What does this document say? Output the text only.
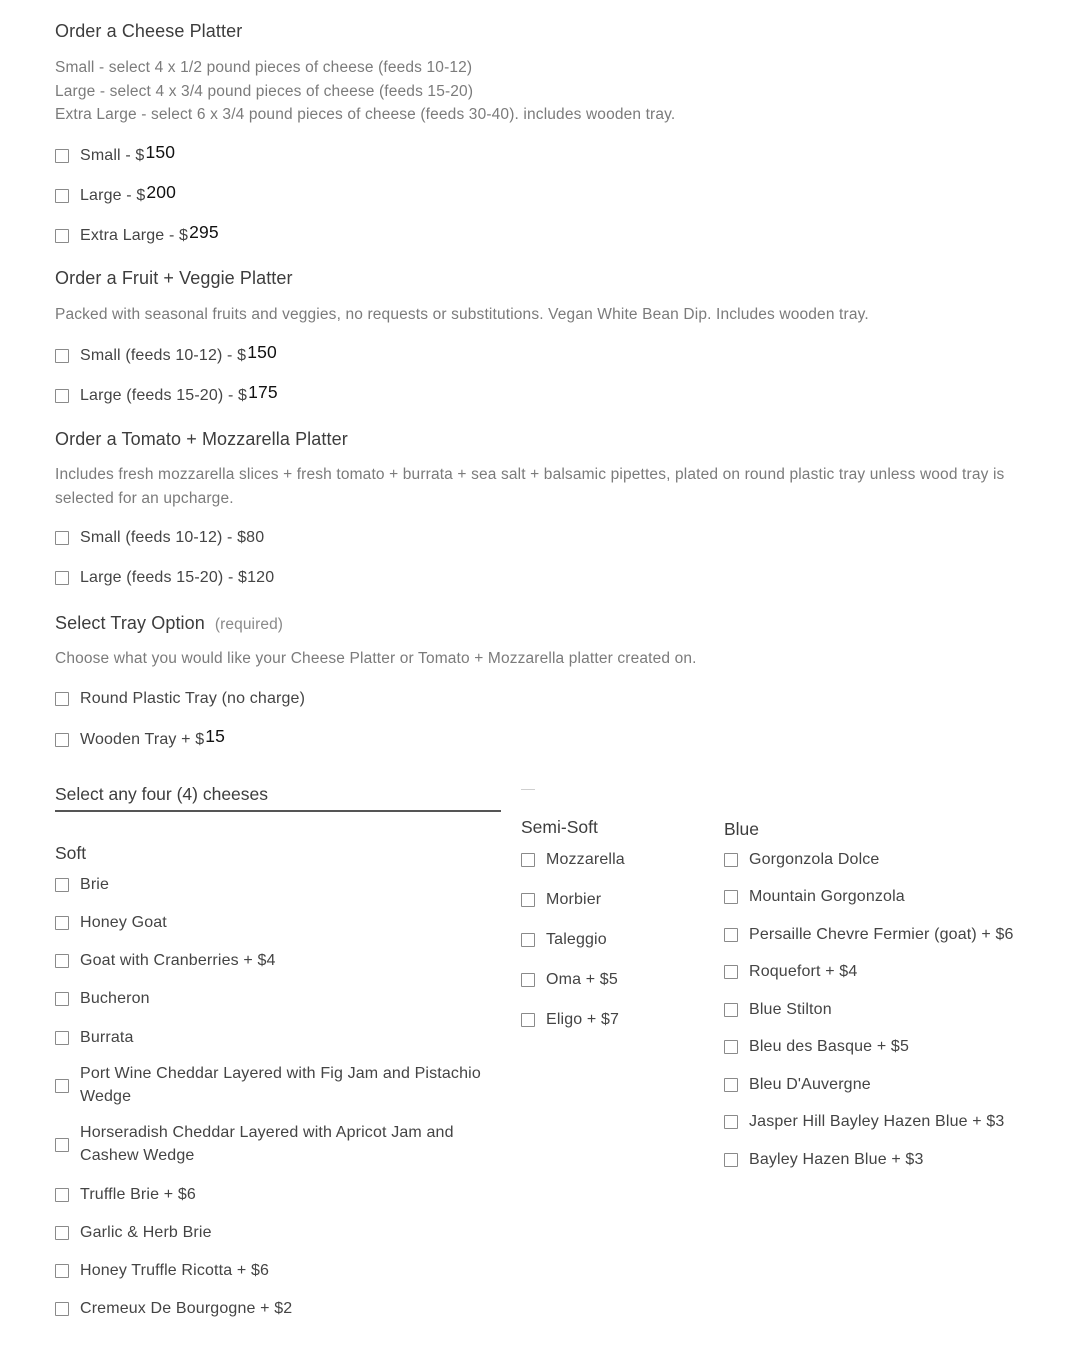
Order a Cheese Platter
Small - select 4 x 1/2 pound pieces of cheese (feeds 10-12)
Large - select 4 x 3/4 pound pieces of cheese (feeds 15-20)
Extra Large - select 6 x 3/4 pound pieces of cheese (feeds 30-40). includes wooden tray.
Small - $ 150
Large - $ 200
Extra Large - $ 295
Order a Fruit + Veggie Platter
Packed with seasonal fruits and veggies, no requests or substitutions. Vegan White Bean Dip. Includes wooden tray.
Small (feeds 10-12) - $ 150
Large (feeds 15-20) - $ 175
Order a Tomato + Mozzarella Platter
Includes fresh mozzarella slices + fresh tomato + burrata + sea salt + balsamic pipettes, plated on round plastic tray unless wood tray is selected for an upcharge.
Small (feeds 10-12) - $80
Large (feeds 15-20) - $120
Select Tray Option (required)
Choose what you would like your Cheese Platter or Tomato + Mozzarella platter created on.
Round Plastic Tray (no charge)
Wooden Tray + $ 15
Select any four (4) cheeses
Soft
Brie
Honey Goat
Goat with Cranberries + $4
Bucheron
Burrata
Port Wine Cheddar Layered with Fig Jam and Pistachio Wedge
Horseradish Cheddar Layered with Apricot Jam and Cashew Wedge
Truffle Brie + $6
Garlic & Herb Brie
Honey Truffle Ricotta + $6
Cremeux De Bourgogne + $2
Semi-Soft
Mozzarella
Morbier
Taleggio
Oma + $5
Eligo + $7
Blue
Gorgonzola Dolce
Mountain Gorgonzola
Persaille Chevre Fermier (goat) + $6
Roquefort + $4
Blue Stilton
Bleu des Basque + $5
Bleu D'Auvergne
Jasper Hill Bayley Hazen Blue + $3
Bayley Hazen Blue + $3
